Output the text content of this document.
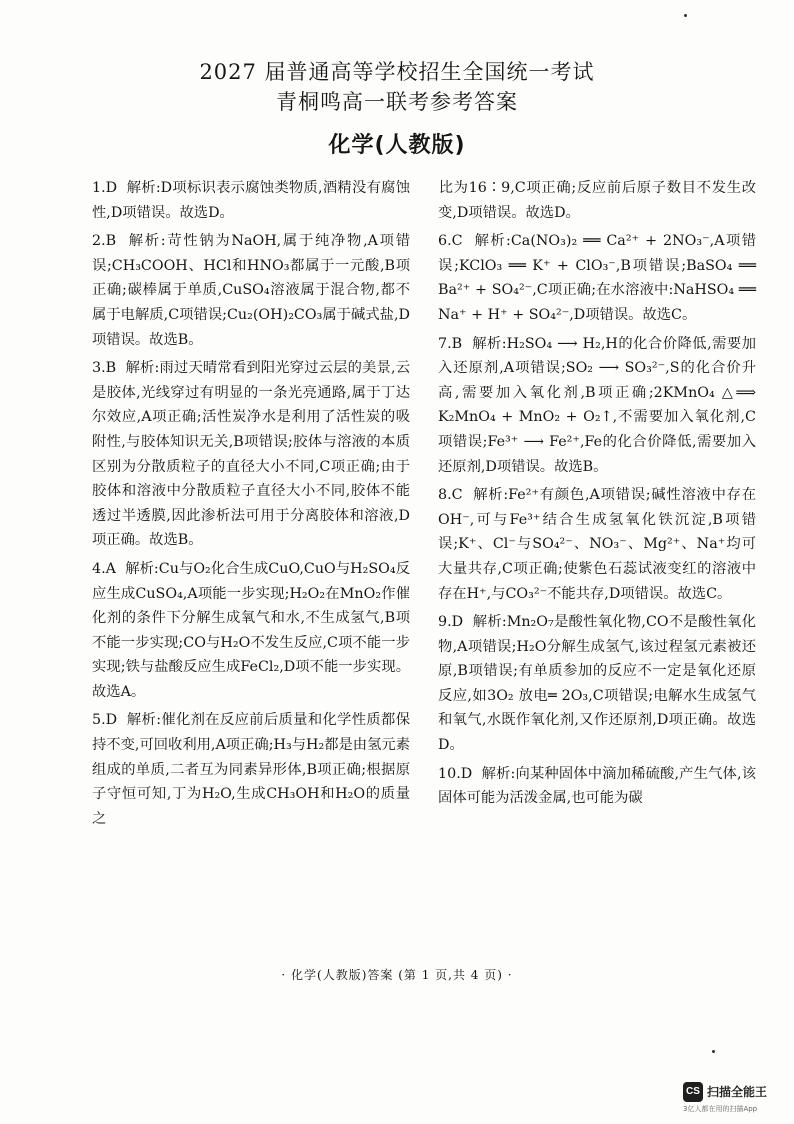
2027 届普通高等学校招生全国统一考试
青桐鸣高一联考参考答案
化学(人教版)

1.D 解析:D项标识表示腐蚀类物质,酒精没有腐蚀性,D项错误。故选D。

2.B 解析:苛性钠为NaOH,属于纯净物,A项错误;CH₃COOH、HCl和HNO₃都属于一元酸,B项正确;碳棒属于单质,CuSO₄溶液属于混合物,都不属于电解质,C项错误;Cu₂(OH)₂CO₃属于碱式盐,D项错误。故选B。

3.B 解析:雨过天晴常看到阳光穿过云层的美景,云是胶体,光线穿过有明显的一条光亮通路,属于丁达尔效应,A项正确;活性炭净水是利用了活性炭的吸附性,与胶体知识无关,B项错误;胶体与溶液的本质区别为分散质粒子的直径大小不同,C项正确;由于胶体和溶液中分散质粒子直径大小不同,胶体不能透过半透膜,因此渗析法可用于分离胶体和溶液,D项正确。故选B。

4.A 解析:Cu与O₂化合生成CuO,CuO与H₂SO₄反应生成CuSO₄,A项能一步实现;H₂O₂在MnO₂作催化剂的条件下分解生成氧气和水,不生成氢气,B项不能一步实现;CO与H₂O不发生反应,C项不能一步实现;铁与盐酸反应生成FeCl₂,D项不能一步实现。故选A。

5.D 解析:催化剂在反应前后质量和化学性质都保持不变,可回收利用,A项正确;H₃与H₂都是由氢元素组成的单质,二者互为同素异形体,B项正确;根据原子守恒可知,丁为H₂O,生成CH₃OH和H₂O的质量之

比为16∶9,C项正确;反应前后原子数目不发生改变,D项错误。故选D。

6.C 解析:Ca(NO₃)₂ ══ Ca²⁺ + 2NO₃⁻,A项错误;KClO₃ ══ K⁺ + ClO₃⁻,B项错误;BaSO₄ ══ Ba²⁺ + SO₄²⁻,C项正确;在水溶液中:NaHSO₄ ══ Na⁺ + H⁺ + SO₄²⁻,D项错误。故选C。

7.B 解析:H₂SO₄ ⟶ H₂,H的化合价降低,需要加入还原剂,A项错误;SO₂ ⟶ SO₃²⁻,S的化合价升高,需要加入氧化剂,B项正确;2KMnO₄ △⟹ K₂MnO₄ + MnO₂ + O₂↑,不需要加入氧化剂,C项错误;Fe³⁺ ⟶ Fe²⁺,Fe的化合价降低,需要加入还原剂,D项错误。故选B。

8.C 解析:Fe²⁺有颜色,A项错误;碱性溶液中存在OH⁻,可与Fe³⁺结合生成氢氧化铁沉淀,B项错误;K⁺、Cl⁻与SO₄²⁻、NO₃⁻、Mg²⁺、Na⁺均可大量共存,C项正确;使紫色石蕊试液变红的溶液中存在H⁺,与CO₃²⁻不能共存,D项错误。故选C。

9.D 解析:Mn₂O₇是酸性氧化物,CO不是酸性氧化物,A项错误;H₂O分解生成氢气,该过程氢元素被还原,B项错误;有单质参加的反应不一定是氧化还原反应,如3O₂ 放电═ 2O₃,C项错误;电解水生成氢气和氧气,水既作氧化剂,又作还原剂,D项正确。故选D。

10.D 解析:向某种固体中滴加稀硫酸,产生气体,该固体可能为活泼金属,也可能为碳

· 化学(人教版)答案 (第 1 页,共 4 页) ·
CS 扫描全能王
3亿人都在用的扫描App
